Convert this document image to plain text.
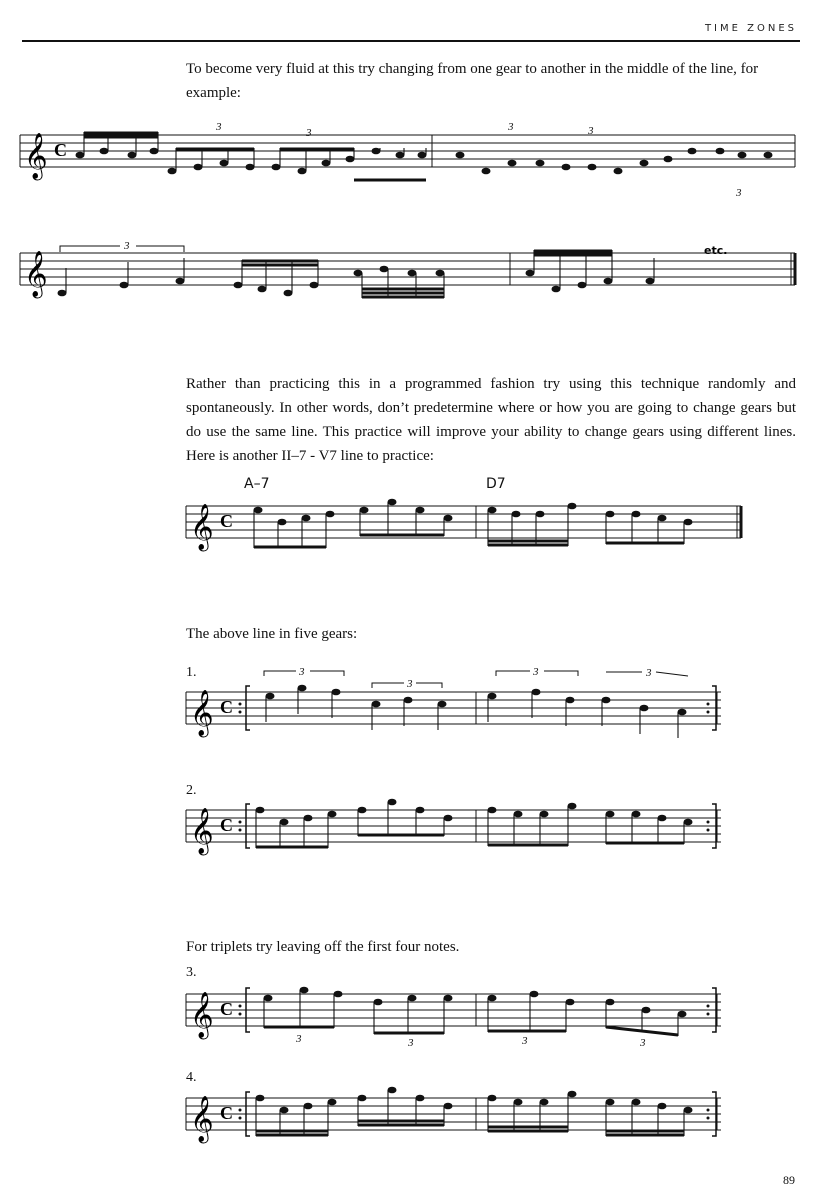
TIME ZONES

To become very fluid at this try changing from one gear to another in the middle of the line, for example:

𝄞 C
3	3	3	3
3
𝄞
3	etc.

Rather than practicing this in a programmed fashion try using this technique randomly and spontaneously. In other words, don’t predetermine where or how you are going to change gears but do use the same line. This practice will improve your ability to change gears using different lines. Here is another II–7 - V7 line to practice:

A–7	D7
𝄞 C

The above line in five gears:

1.
𝄞 C
3
3
3	3
2.
𝄞 C

For triplets try leaving off the first four notes.

3.
𝄞 C
3	3	3	3
4.
𝄞 C
89
